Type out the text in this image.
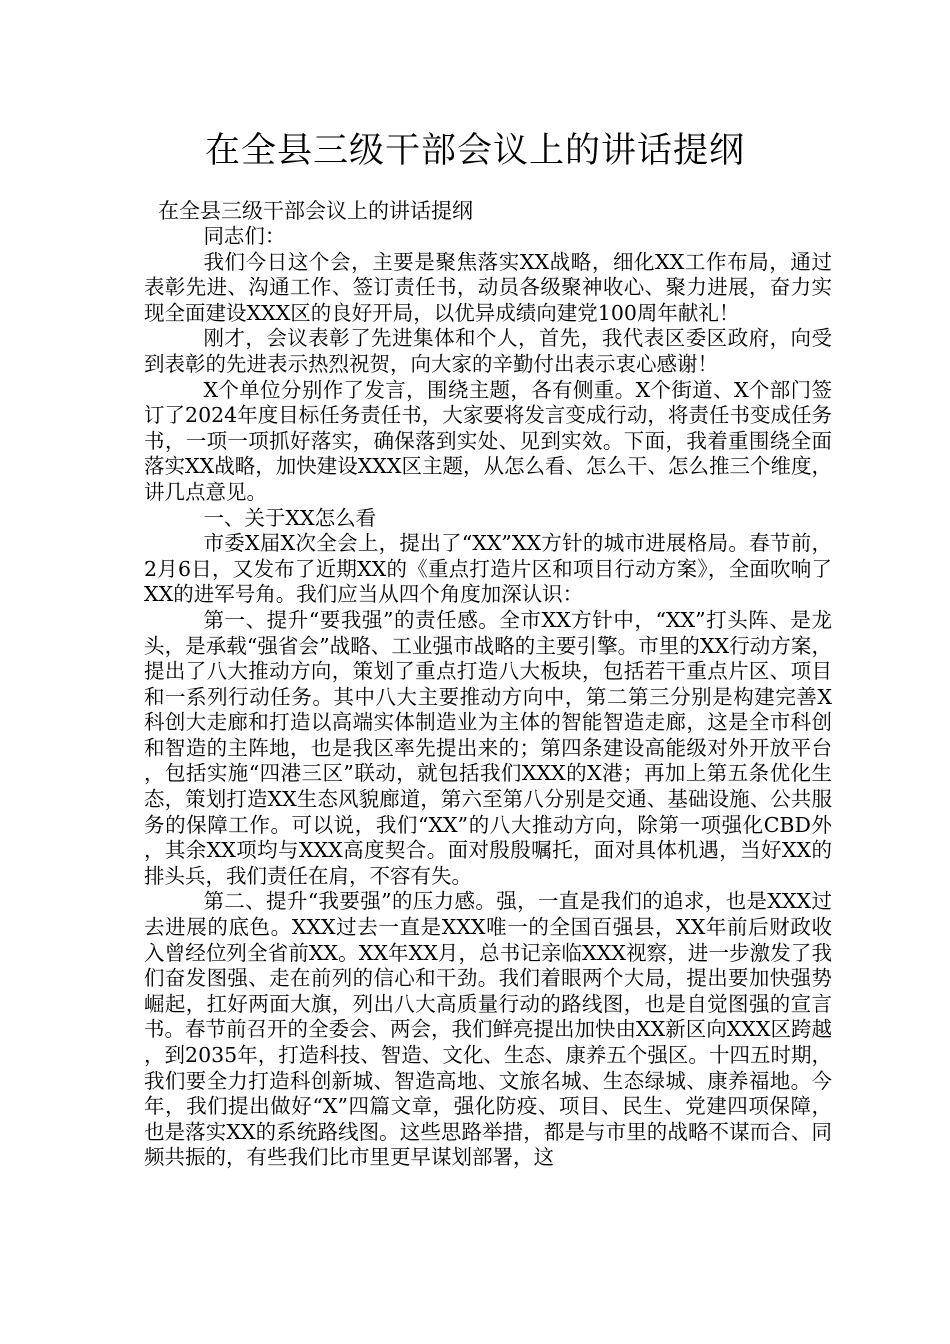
在全县三级干部会议上的讲话提纲
在全县三级干部会议上的讲话提纲

同志们：

我们今日这个会，主要是聚焦落实XX战略，细化XX工作布局，通过表彰先进、沟通工作、签订责任书，动员各级聚神收心、聚力进展，奋力实现全面建设XXX区的良好开局，以优异成绩向建党100周年献礼！

刚才，会议表彰了先进集体和个人，首先，我代表区委区政府，向受到表彰的先进表示热烈祝贺，向大家的辛勤付出表示衷心感谢！

X个单位分别作了发言，围绕主题，各有侧重。X个街道、X个部门签订了2024年度目标任务责任书，大家要将发言变成行动，将责任书变成任务书，一项一项抓好落实，确保落到实处、见到实效。下面，我着重围绕全面落实XX战略，加快建设XXX区主题，从怎么看、怎么干、怎么推三个维度，讲几点意见。

一、关于XX怎么看

市委X届X次全会上，提出了“XX”XX方针的城市进展格局。春节前，2月6日，又发布了近期XX的《重点打造片区和项目行动方案》，全面吹响了XX的进军号角。我们应当从四个角度加深认识：

第一、提升“要我强”的责任感。全市XX方针中，“XX”打头阵、是龙头，是承载“强省会”战略、工业强市战略的主要引擎。市里的XX行动方案，提出了八大推动方向，策划了重点打造八大板块，包括若干重点片区、项目和一系列行动任务。其中八大主要推动方向中，第二第三分别是构建完善X科创大走廊和打造以高端实体制造业为主体的智能智造走廊，这是全市科创和智造的主阵地，也是我区率先提出来的；第四条建设高能级对外开放平台，包括实施“四港三区”联动，就包括我们XXX的X港；再加上第五条优化生态，策划打造XX生态风貌廊道，第六至第八分别是交通、基础设施、公共服务的保障工作。可以说，我们“XX”的八大推动方向，除第一项强化CBD外，其余XX项均与XXX高度契合。面对殷殷嘱托，面对具体机遇，当好XX的排头兵，我们责任在肩，不容有失。

第二、提升“我要强”的压力感。强，一直是我们的追求，也是XXX过去进展的底色。XXX过去一直是XXX唯一的全国百强县，XX年前后财政收入曾经位列全省前XX。XX年XX月，总书记亲临XXX视察，进一步激发了我们奋发图强、走在前列的信心和干劲。我们着眼两个大局，提出要加快强势崛起，扛好两面大旗，列出八大高质量行动的路线图，也是自觉图强的宣言书。春节前召开的全委会、两会，我们鲜亮提出加快由XX新区向XXX区跨越，到2035年，打造科技、智造、文化、生态、康养五个强区。十四五时期，我们要全力打造科创新城、智造高地、文旅名城、生态绿城、康养福地。今年，我们提出做好“X”四篇文章，强化防疫、项目、民生、党建四项保障，也是落实XX的系统路线图。这些思路举措，都是与市里的战略不谋而合、同频共振的，有些我们比市里更早谋划部署，这
